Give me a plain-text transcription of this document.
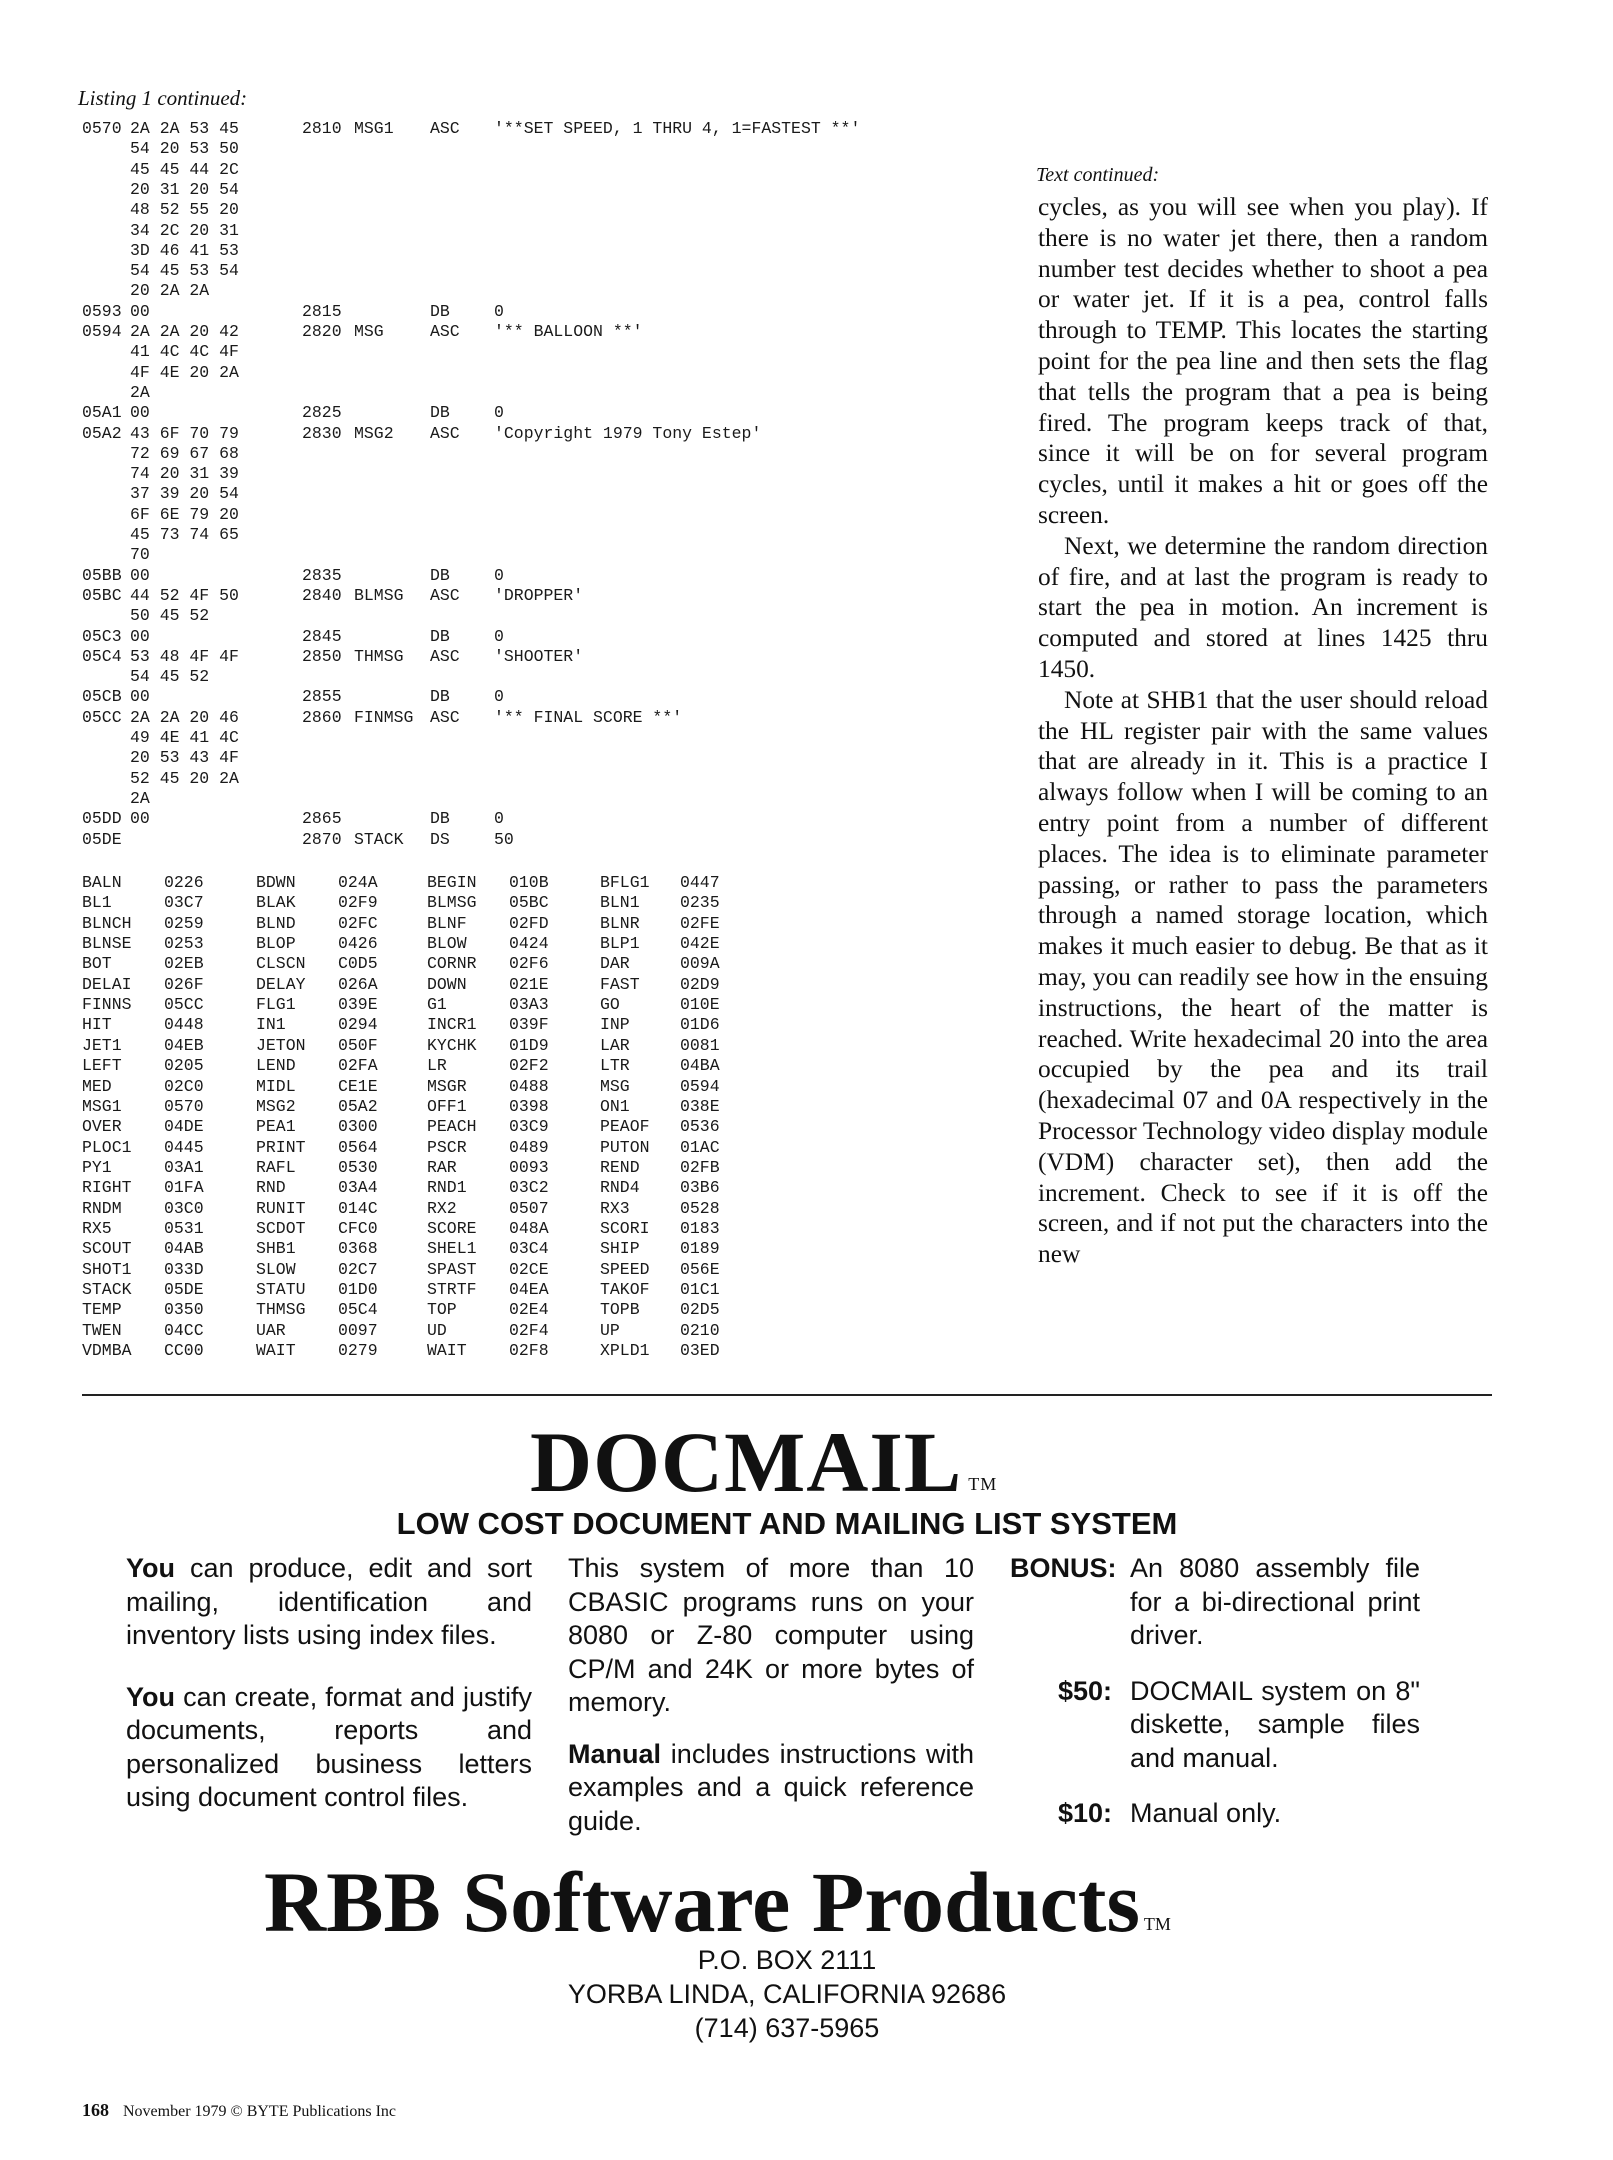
Listing 1 continued:
0570 2A 2A 53 45	2810 MSG1 ASC '**SET SPEED, 1 THRU 4, 1=FASTEST **'
54 20 53 50
45 45 44 2C
20 31 20 54
48 52 55 20
34 2C 20 31
3D 46 41 53
54 45 53 54
20 2A 2A
0593 00	2815	DB	0
0594 2A 2A 20 42	2820 MSG	ASC '** BALLOON **'
41 4C 4C 4F
4F 4E 20 2A
2A
05A1 00	2825	DB	0
05A2 43 6F 70 79	2830 MSG2 ASC 'Copyright 1979 Tony Estep'
72 69 67 68
74 20 31 39
37 39 20 54
6F 6E 79 20
45 73 74 65
70
05BB 00	2835	DB	0
05BC 44 52 4F 50	2840 BLMSG ASC 'DROPPER'
50 45 52
05C3 00	2845	DB	0
05C4 53 48 4F 4F	2850 THMSG ASC 'SHOOTER'
54 45 52
05CB 00	2855	DB	0
05CC 2A 2A 20 46	2860 FINMSG ASC '** FINAL SCORE **'
49 4E 41 4C
20 53 43 4F
52 45 20 2A
2A
05DD 00	2865	DB	0
05DE	2870 STACK DS	50
BALN	0226	BDWN	024A	BEGIN 010B	BFLG1 0447
BL1	03C7	BLAK	02F9	BLMSG 05BC	BLN1 0235
BLNCH 0259	BLND	02FC	BLNF	02FD	BLNR 02FE
BLNSE 0253	BLOP	0426	BLOW	0424	BLP1 042E
BOT	02EB	CLSCN C0D5	CORNR 02F6	DAR	009A
DELAI 026F	DELAY 026A	DOWN	021E	FAST 02D9
FINNS 05CC	FLG1	039E	G1	03A3	GO	010E
HIT	0448	IN1	0294	INCR1 039F	INP	01D6
JET1	04EB	JETON 050F	KYCHK 01D9	LAR	0081
LEFT	0205	LEND	02FA	LR	02F2	LTR	04BA
MED	02C0	MIDL	CE1E	MSGR	0488	MSG	0594
MSG1	0570	MSG2	05A2	OFF1	0398	ON1	038E
OVER	04DE	PEA1	0300	PEACH 03C9	PEAOF 0536
PLOC1 0445	PRINT 0564	PSCR	0489	PUTON 01AC
PY1	03A1	RAFL	0530	RAR	0093	REND 02FB
RIGHT 01FA	RND	03A4	RND1	03C2	RND4 03B6
RNDM	03C0	RUNIT 014C	RX2	0507	RX3	0528
RX5	0531	SCDOT CFC0	SCORE 048A	SCORI 0183
SCOUT 04AB	SHB1	0368	SHEL1 03C4	SHIP 0189
SHOT1 033D	SLOW	02C7	SPAST 02CE	SPEED 056E
STACK 05DE	STATU 01D0	STRTF 04EA	TAKOF 01C1
TEMP	0350	THMSG 05C4	TOP	02E4	TOPB 02D5
TWEN	04CC	UAR	0097	UD	02F4	UP	0210
VDMBA CC00	WAIT	0279	WAIT	02F8	XPLD1 03ED
Text continued:

cycles, as you will see when you play). If there is no water jet there, then a random number test decides whether to shoot a pea or water jet. If it is a pea, control falls through to TEMP. This locates the starting point for the pea line and then sets the flag that tells the program that a pea is being fired. The program keeps track of that, since it will be on for several program cycles, until it makes a hit or goes off the screen.

Next, we determine the random direction of fire, and at last the program is ready to start the pea in motion. An increment is computed and stored at lines 1425 thru 1450.

Note at SHB1 that the user should reload the HL register pair with the same values that are already in it. This is a practice I always follow when I will be coming to an entry point from a number of different places. The idea is to eliminate parameter passing, or rather to pass the parameters through a named storage location, which makes it much easier to debug. Be that as it may, you can readily see how in the ensuing instructions, the heart of the matter is reached. Write hexadecimal 20 into the area occupied by the pea and its trail (hexadecimal 07 and 0A respectively in the Processor Technology video display module (VDM) character set), then add the increment. Check to see if it is off the screen, and if not put the characters into the new

DOCMAIL ™
LOW COST DOCUMENT AND MAILING LIST SYSTEM

You can produce, edit and sort mailing, identification and inventory lists using index files.

You can create, format and justify documents, reports and personalized business letters using document control files.

This system of more than 10 CBASIC programs runs on your 8080 or Z-80 computer using CP/M and 24K or more bytes of memory.

Manual includes instructions with examples and a quick reference guide.

BONUS: An 8080 assembly file for a bi-directional print driver.
$50: DOCMAIL system on 8" diskette, sample files and manual.
$10: Manual only.
RBB Software Products ™
P.O. BOX 2111
YORBA LINDA, CALIFORNIA 92686
(714) 637-5965
168 November 1979 © BYTE Publications Inc
